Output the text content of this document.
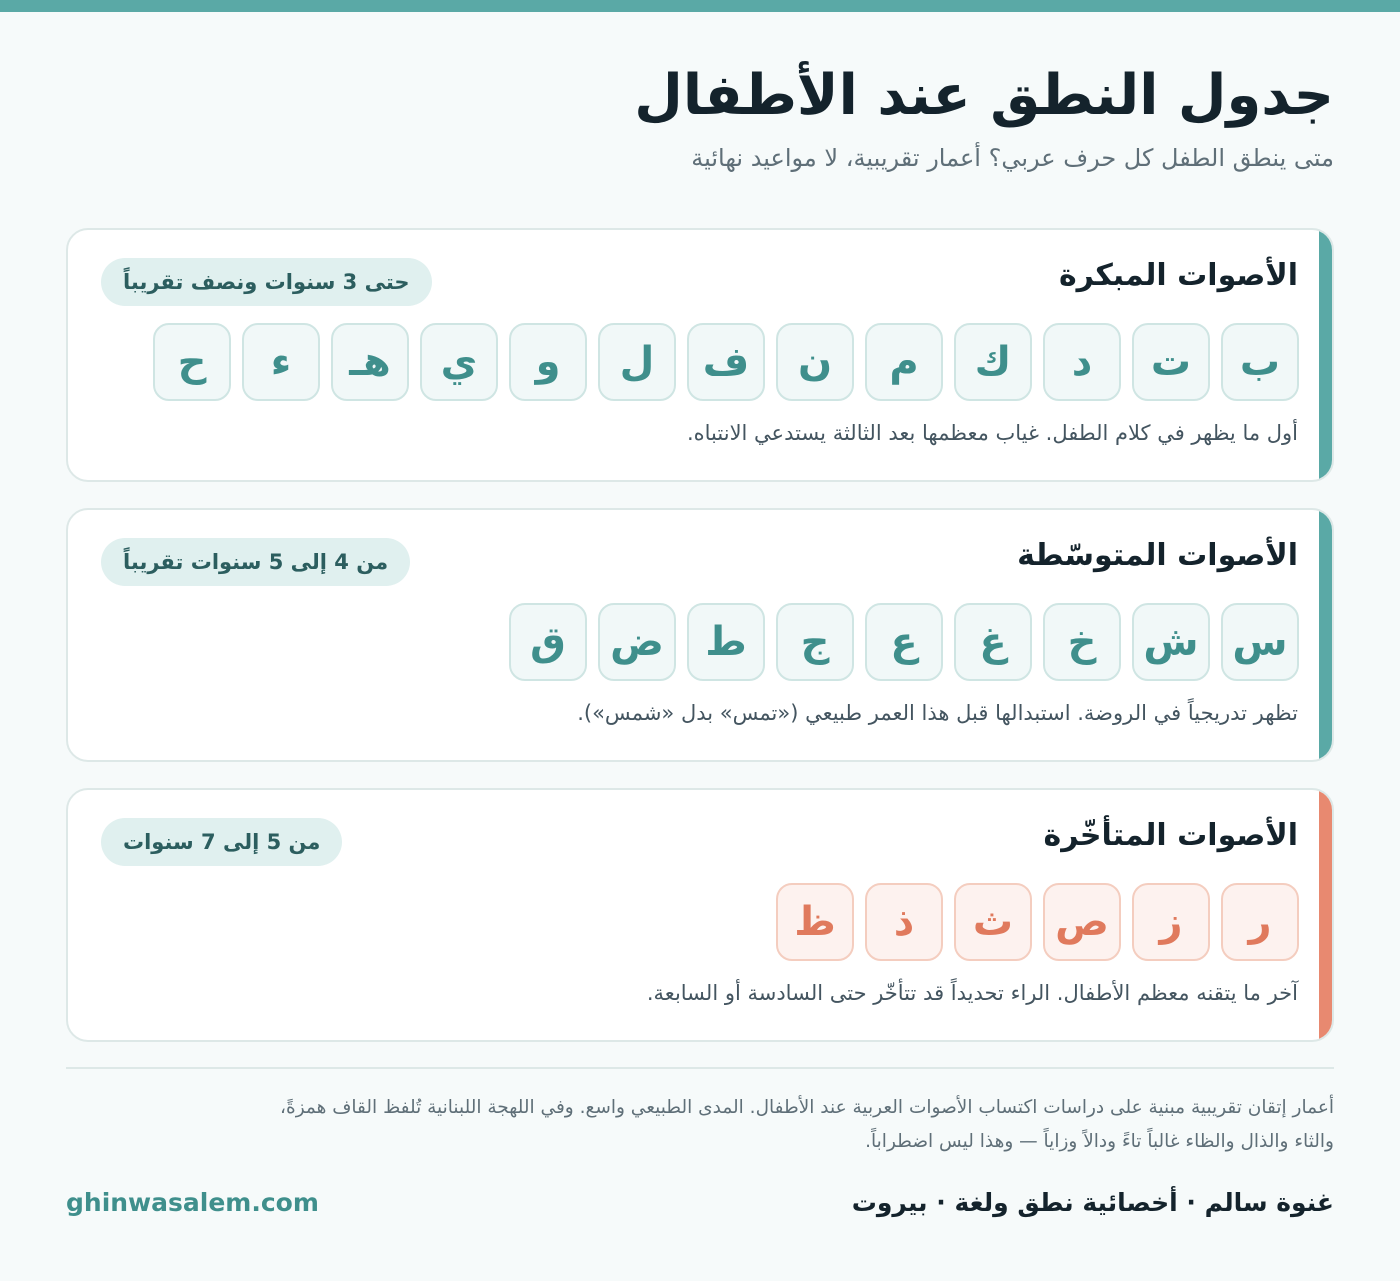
جدول النطق عند الأطفال

متى ينطق الطفل كل حرف عربي؟ أعمار تقريبية، لا مواعيد نهائية

الأصوات المبكرة
حتى 3 سنوات ونصف تقريباً
ب
ت
د
ك
م
ن
ف
ل
و
ي
هـ
ء
ح

أول ما يظهر في كلام الطفل. غياب معظمها بعد الثالثة يستدعي الانتباه.

الأصوات المتوسّطة
من 4 إلى 5 سنوات تقريباً
س
ش
خ
غ
ع
ج
ط
ض
ق

تظهر تدريجياً في الروضة. استبدالها قبل هذا العمر طبيعي («تمس» بدل «شمس»).

الأصوات المتأخّرة
من 5 إلى 7 سنوات
ر
ز
ص
ث
ذ
ظ

آخر ما يتقنه معظم الأطفال. الراء تحديداً قد تتأخّر حتى السادسة أو السابعة.

أعمار إتقان تقريبية مبنية على دراسات اكتساب الأصوات العربية عند الأطفال. المدى الطبيعي واسع. وفي اللهجة اللبنانية تُلفظ القاف همزةً،
والثاء والذال والظاء غالباً تاءً ودالاً وزاياً — وهذا ليس اضطراباً.

غنوة سالم · أخصائية نطق ولغة · بيروت
ghinwasalem.com
